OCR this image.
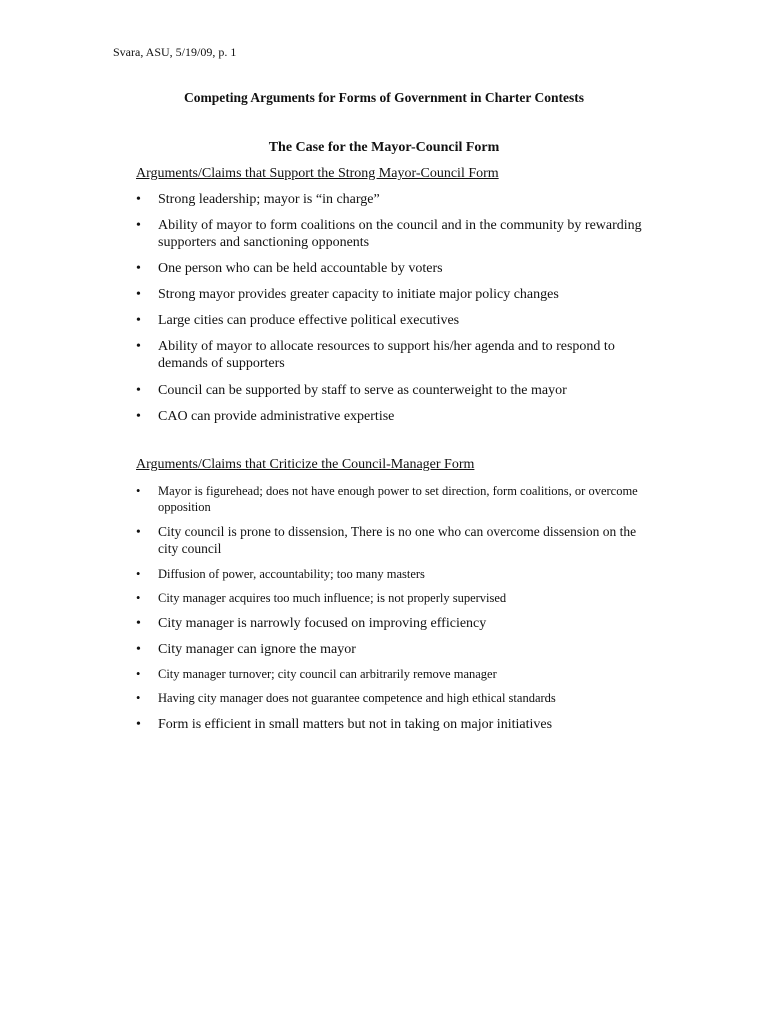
Svara, ASU, 5/19/09, p. 1
Competing Arguments for Forms of Government in Charter Contests
The Case for the Mayor-Council Form
Arguments/Claims that Support the Strong Mayor-Council Form
• Strong leadership; mayor is “in charge”
• Ability of mayor to form coalitions on the council and in the community by rewarding supporters and sanctioning opponents
• One person who can be held accountable by voters
• Strong mayor provides greater capacity to initiate major policy changes
• Large cities can produce effective political executives
• Ability of mayor to allocate resources to support his/her agenda and to respond to demands of supporters
• Council can be supported by staff to serve as counterweight to the mayor
• CAO can provide administrative expertise
Arguments/Claims that Criticize the Council-Manager Form
• Mayor is figurehead; does not have enough power to set direction, form coalitions, or overcome opposition
• City council is prone to dissension, There is no one who can overcome dissension on the city council
• Diffusion of power, accountability; too many masters
• City manager acquires too much influence; is not properly supervised
• City manager is narrowly focused on improving efficiency
• City manager can ignore the mayor
• City manager turnover; city council can arbitrarily remove manager
• Having city manager does not guarantee competence and high ethical standards
• Form is efficient in small matters but not in taking on major initiatives
